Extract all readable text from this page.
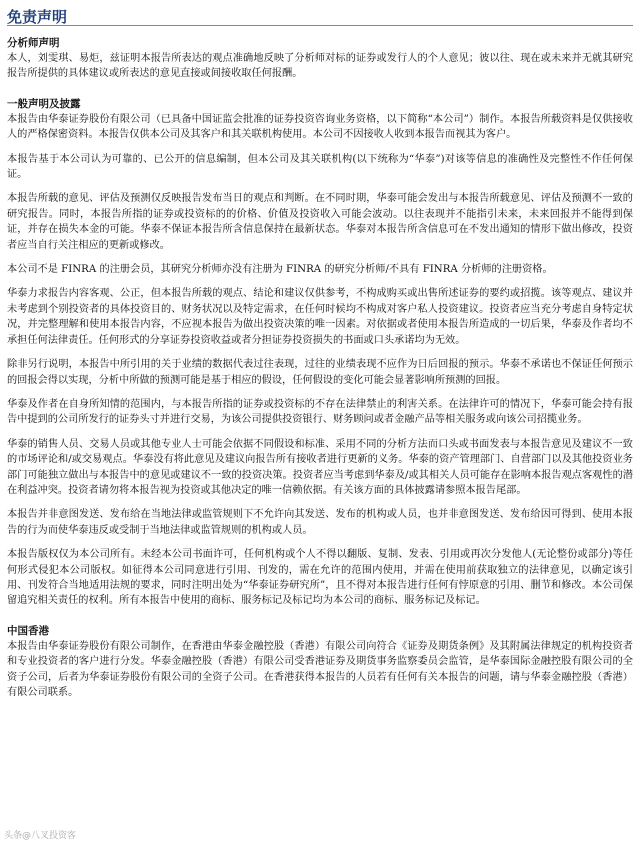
免责声明

分析师声明

本人，刘雯琪、易炬，兹证明本报告所表达的观点准确地反映了分析师对标的证券或发行人的个人意见；彼以往、现在或未来并无就其研究报告所提供的具体建议或所表迖的意见直接或间接收取任何报酬。

一般声明及披露

本报告由华泰证券股份有限公司（已具备中国证监会批准的证券投资咨询业务资格，以下简称“本公司”）制作。本报告所载资料是仅供接收人的严格保密资料。本报告仅供本公司及其客户和其关联机构使用。本公司不因接收人收到本报告而视其为客户。

本报告基于本公司认为可靠的、已公开的信息编制，但本公司及其关联机构(以下统称为“华泰”)对该等信息的准确性及完整性不作任何保证。

本报告所载的意见、评估及预测仅反映报告发布当日的观点和判断。在不同时期，华泰可能会发出与本报告所载意见、评估及预测不一致的研究报告。同时，本报告所指的证券或投资标的的价格、价值及投资收入可能会波动。以往表现并不能指引未来，未来回报并不能得到保证，并存在损失本金的可能。华泰不保证本报告所含信息保持在最新状态。华泰对本报告所含信息可在不发出通知的情形下做出修改，投资者应当自行关注相应的更新或修改。

本公司不是 FINRA 的注册会员，其研究分析师亦没有注册为 FINRA 的研究分析师/不具有 FINRA 分析师的注册资格。

华泰力求报告内容客观、公正，但本报告所载的观点、结论和建议仅供参考，不构成购买或出售所述证券的要约或招揽。该等观点、建议并未考虑到个别投资者的具体投资目的、财务状况以及特定需求，在任何时候均不构成对客户私人投资建议。投资者应当充分考虑自身特定状况，并完整理解和使用本报告内容，不应视本报告为做出投资决策的唯一因素。对依据或者使用本报告所造成的一切后果，华泰及作者均不承担任何法律责任。任何形式的分享证券投资收益或者分担证券投资损失的书面或口头承诺均为无效。

除非另行说明，本报告中所引用的关于业绩的数据代表过往表现，过往的业绩表现不应作为日后回报的预示。华泰不承诺也不保证任何预示的回报会得以实现，分析中所做的预测可能是基于相应的假设，任何假设的变化可能会显著影响所预测的回报。

华泰及作者在自身所知情的范围内，与本报告所指的证券或投资标的不存在法律禁止的利害关系。在法律许可的情况下，华泰可能会持有报告中提到的公司所发行的证券头寸并进行交易，为该公司提供投资银行、财务顾问或者金融产品等相关服务或向该公司招揽业务。

华泰的销售人员、交易人员或其他专业人士可能会依据不同假设和标准、采用不同的分析方法而口头或书面发表与本报告意见及建议不一致的市场评论和/或交易观点。华泰没有将此意见及建议向报告所有接收者进行更新的义务。华泰的资产管理部门、自营部门以及其他投资业务部门可能独立做出与本报告中的意见或建议不一致的投资决策。投资者应当考虑到华泰及/或其相关人员可能存在影响本报告观点客观性的潜在利益冲突。投资者请勿将本报告视为投资或其他决定的唯一信赖依据。有关该方面的具体披露请参照本报告尾部。

本报告并非意图发送、发布给在当地法律或监管规则下不允许向其发送、发布的机构或人员，也并非意图发送、发布给因可得到、使用本报告的行为而使华泰违反或受制于当地法律或监管规则的机构或人员。

本报告版权仅为本公司所有。未经本公司书面许可，任何机构或个人不得以翻版、复制、发表、引用或再次分发他人(无论整份或部分)等任何形式侵犯本公司版权。如征得本公司同意进行引用、刊发的，需在允许的范围内使用，并需在使用前获取独立的法律意见，以确定该引用、刊发符合当地适用法规的要求，同时注明出处为“华泰证券研究所”，且不得对本报告进行任何有悖原意的引用、删节和修改。本公司保留追究相关责任的权利。所有本报告中使用的商标、服务标记及标记均为本公司的商标、服务标记及标记。

中国香港

本报告由华泰证券股份有限公司制作，在香港由华泰金融控股（香港）有限公司向符合《证券及期货条例》及其附属法律规定的机构投资者和专业投资者的客户进行分发。华泰金融控股（香港）有限公司受香港证券及期货事务监察委员会监管，是华泰国际金融控股有限公司的全资子公司，后者为华泰证券股份有限公司的全资子公司。在香港获得本报告的人员若有任何有关本报告的问题，请与华泰金融控股（香港）有限公司联系。

头条@八叉投资客
